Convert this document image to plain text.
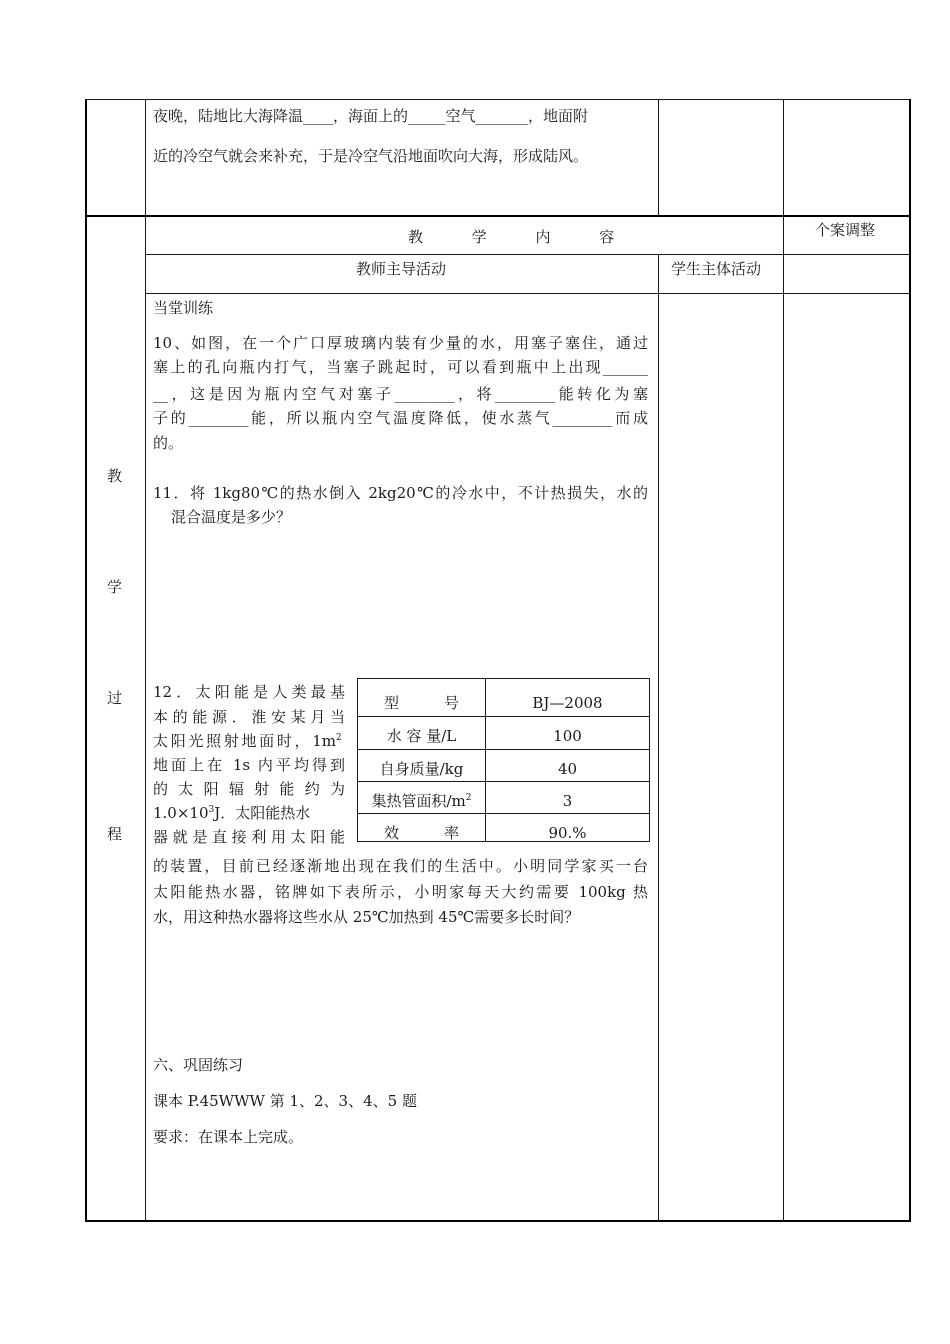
夜晚，陆地比大海降温____，海面上的_____空气_______，地面附
近的冷空气就会来补充，于是冷空气沿地面吹向大海，形成陆风。
教 学 内 容
教师主导活动	学生主体活动
个案调整
教
学
过
程
当堂训练
10、如图，在一个广口厚玻璃内装有少量的水，用塞子塞住，通过
塞上的孔向瓶内打气，当塞子跳起时，可以看到瓶中上出现______
__，这是因为瓶内空气对塞子________，将________能转化为塞
子的________能，所以瓶内空气温度降低，使水蒸气________而成
的。
11．将 1kg80℃的热水倒入 2kg20℃的冷水中，不计热损失，水的
混合温度是多少？
12．太阳能是人类最基
本的能源．淮安某月当
太阳光照射地面时，$1m^2$
地面上在 1s 内平均得到
的太阳辐射能约为
$1.0\times 10^3J$．太阳能热水
器就是直接利用太阳能
的装置，目前已经逐渐地出现在我们的生活中。小明同学家买一台
太阳能热水器，铭牌如下表所示，小明家每天大约需要 100kg 热
水，用这种热水器将这些水从 25℃加热到 45℃需要多长时间？
型　　　号	BJ—2008
水 容 量/L	100
自身质量/kg	40
集热管面积$/m^2$	3
效　　　率	90.%
六、巩固练习
课本 P.45WWW 第 1、2、3、4、5 题
要求：在课本上完成。
